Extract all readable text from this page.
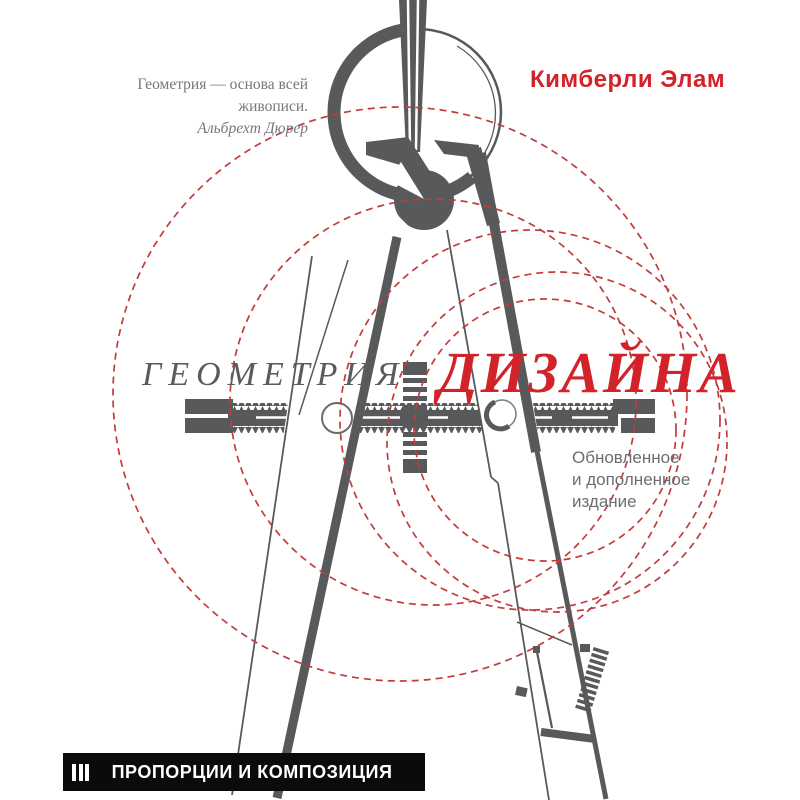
Геометрия — основа всей живописи.
Альбрехт Дюрер
Кимберли Элам
ГЕОМЕТРИЯ ДИЗАЙНА
Обновленное
и дополненное
издание
ПРОПОРЦИИ И КОМПОЗИЦИЯ
